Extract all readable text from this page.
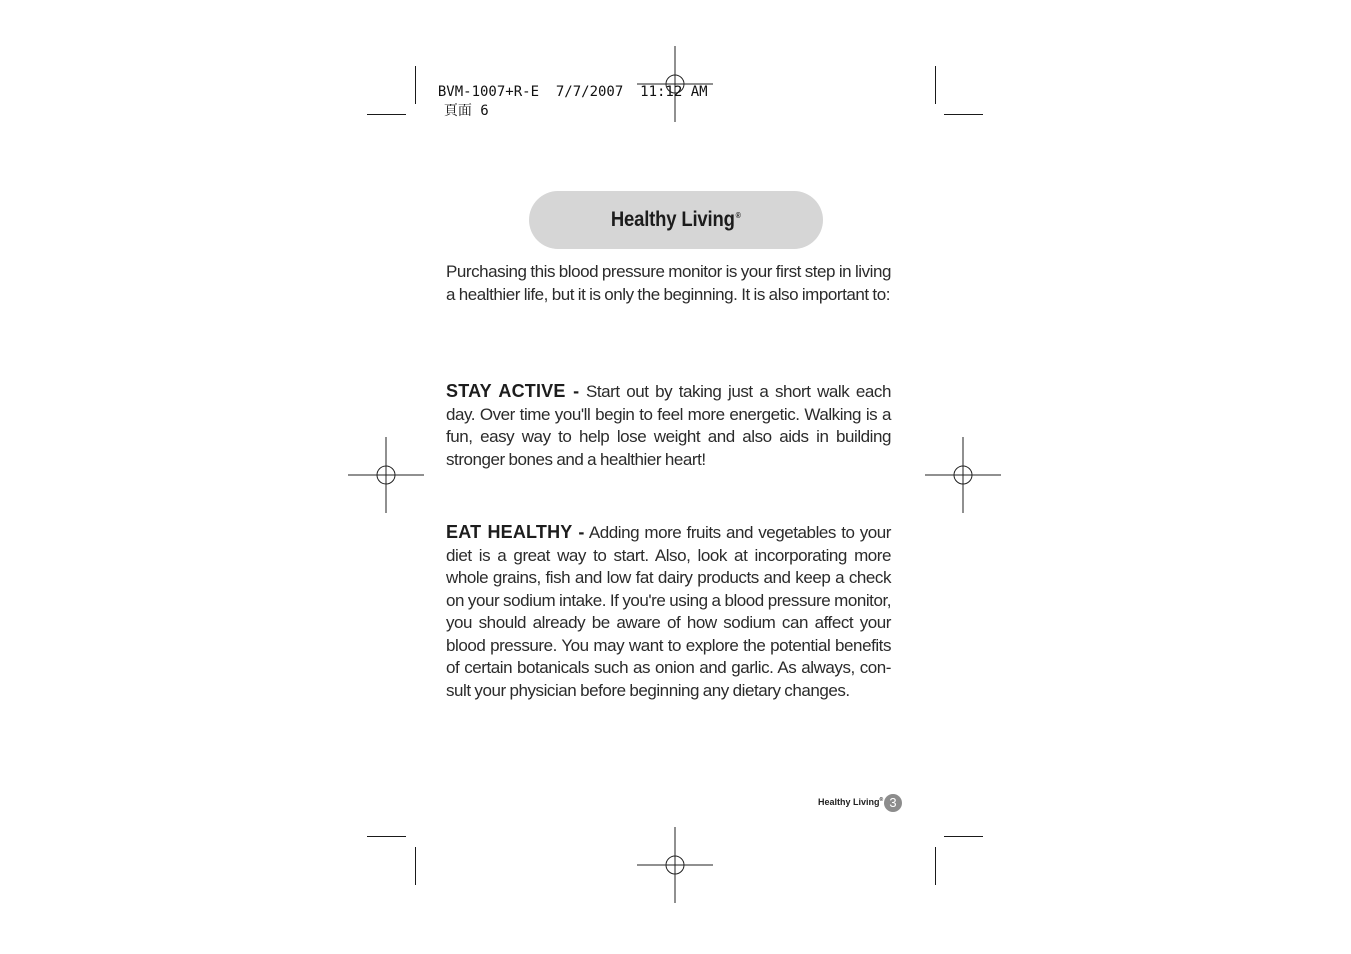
BVM-1007+R-E  7/7/2007  11:12 AM
頁面 6

Healthy Living®
Purchasing this blood pressure monitor is your first step in living a healthier life, but it is only the beginning. It is also important to:
STAY ACTIVE - Start out by taking just a short walk each day. Over time you'll begin to feel more energetic. Walking is a fun, easy way to help lose weight and also aids in building stronger bones and a healthier heart!
EAT HEALTHY - Adding more fruits and vegetables to your diet is a great way to start. Also, look at incorporating more whole grains, fish and low fat dairy products and keep a check on your sodium intake. If you're using a blood pressure monitor, you should already be aware of how sodium can affect your blood pressure. You may want to explore the potential benefits of certain botanicals such as onion and garlic. As always, con-sult your physician before beginning any dietary changes.
Healthy Living® 3
